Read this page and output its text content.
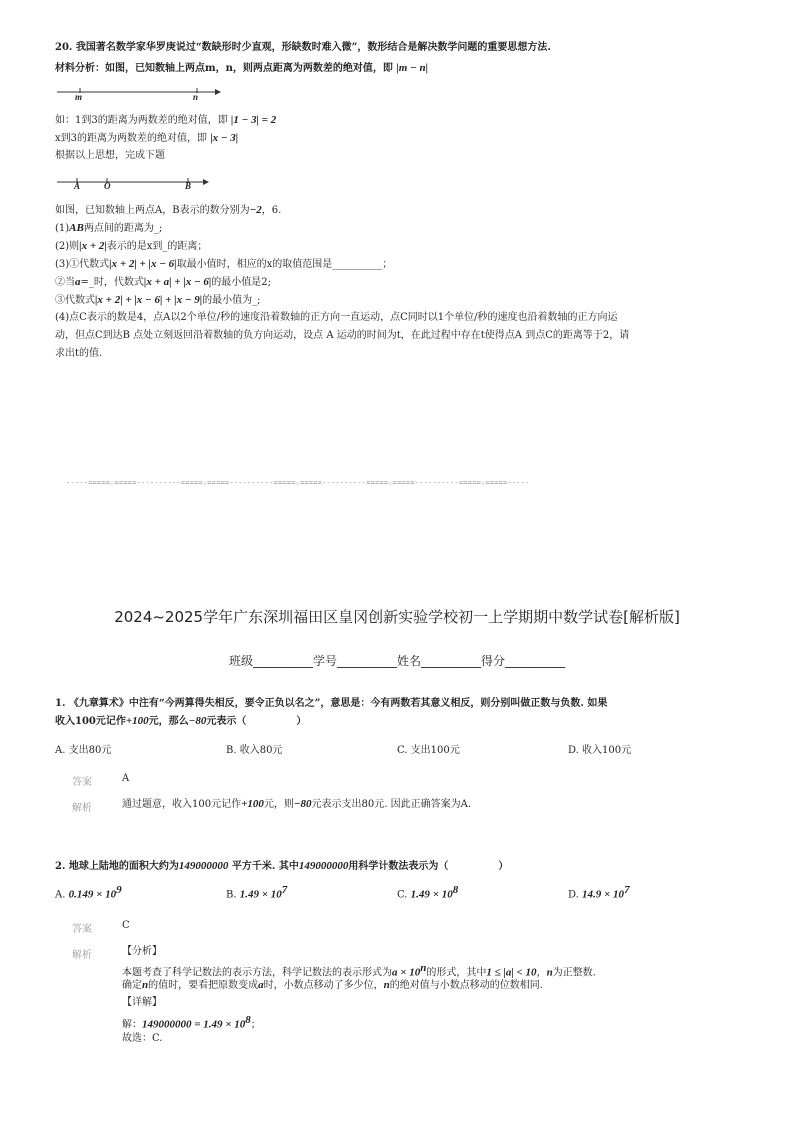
20. 我国著名数学家华罗庚说过“数缺形时少直观，形缺数时难入微”，数形结合是解决数学问题的重要思想方法.
材料分析：如图，已知数轴上两点m，n，则两点距离为两数差的绝对值，即 |m − n|
m	n
如：1到3的距离为两数差的绝对值，即 |1 − 3| = 2
x到3的距离为两数差的绝对值，即 |x − 3|
根据以上思想，完成下题
A	O	B
如图，已知数轴上两点A，B表示的数分别为−2，6.
(1)AB两点间的距离为_;
(2)则|x + 2|表示的是x到_的距离；
(3)①代数式|x + 2| + |x − 6|取最小值时，相应的x的取值范围是__________；
②当a=_时，代数式|x + a| + |x − 6|的最小值是2;
③代数式|x + 2| + |x − 6| + |x − 9|的最小值为_;
(4)点C表示的数是4，点A以2个单位/秒的速度沿着数轴的正方向一直运动，点C同时以1个单位/秒的速度也沿着数轴的正方向运
动，但点C到达B 点处立刻返回沿着数轴的负方向运动，设点 A 运动的时间为t，在此过程中存在t使得点A 到点C的距离等于2，请
求出t的值.
-----=====☆=====----------=====☆=====----------=====☆=====----------=====☆=====----------=====☆=====-----
2024~2025学年广东深圳福田区皇冈创新实验学校初一上学期期中数学试卷[解析版]
班级__________学号__________姓名__________得分__________
1. 《九章算术》中注有“今两算得失相反，要令正负以名之”，意思是：今有两数若其意义相反，则分别叫做正数与负数. 如果
收入100元记作+100元，那么−80元表示（　　　　　）
A. 支出80元	B. 收入80元	C. 支出100元	D. 收入100元
答案	A
解析	通过题意，收入100元记作+100元，则−80元表示支出80元. 因此正确答案为A.
2. 地球上陆地的面积大约为149000000 平方千米. 其中149000000用科学计数法表示为（　　　　　）
A. $0.149 \times 10^9$	B. $1.49 \times 10^7$	C. $1.49 \times 10^8$	D. $14.9 \times 10^7$
答案	C
解析	【分析】
本题考查了科学记数法的表示方法，科学记数法的表示形式为$a \times 10^n$的形式，其中1 ≤ |a| < 10，n为正整数.
确定n的值时，要看把原数变成a时，小数点移动了多少位，n的绝对值与小数点移动的位数相同.
【详解】
解：$149000000 = 1.49 \times 10^8$；
故选：C.
